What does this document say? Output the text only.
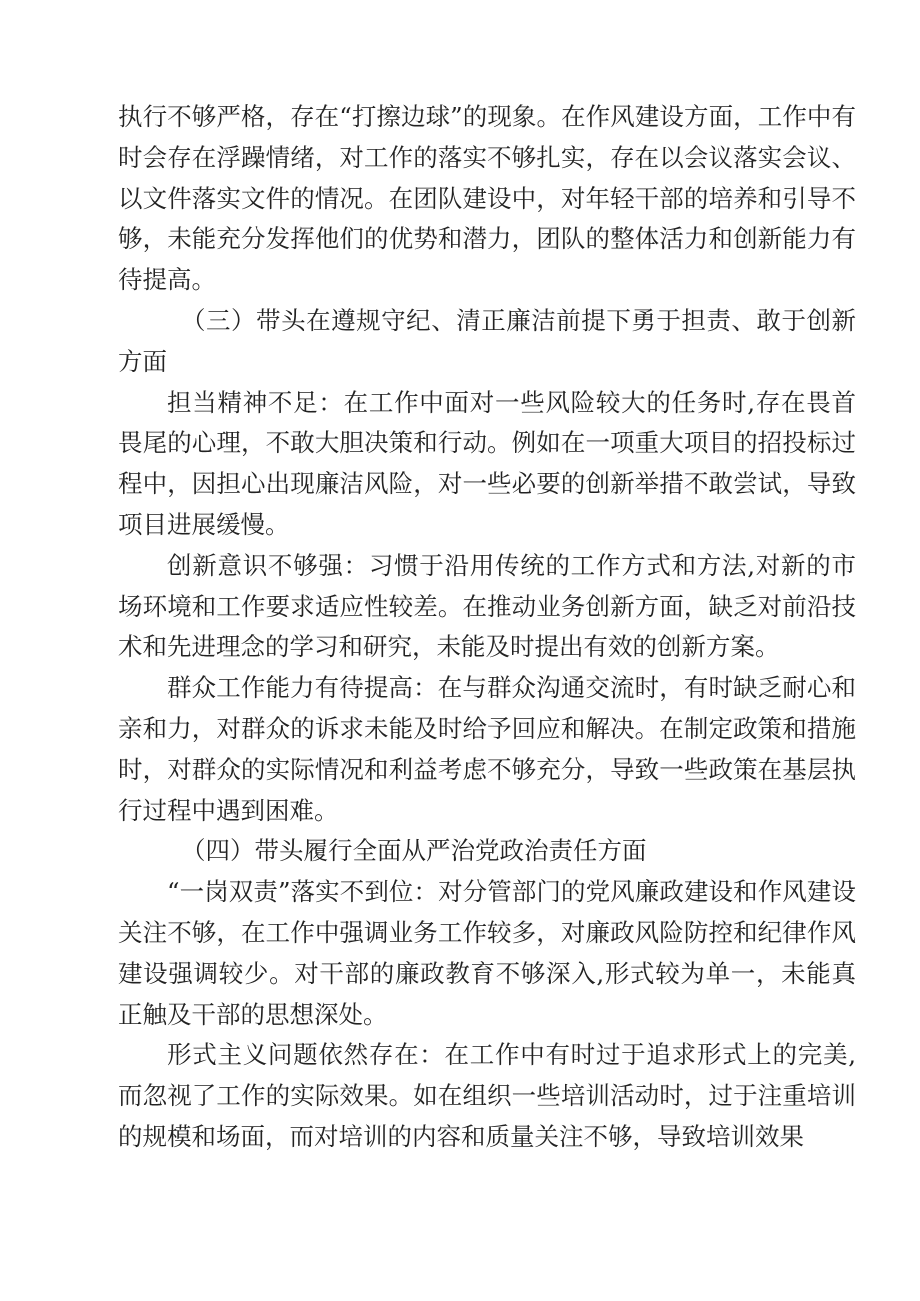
执行不够严格，存在“打擦边球”的现象。在作风建设方面，工作中有时会存在浮躁情绪，对工作的落实不够扎实，存在以会议落实会议、以文件落实文件的情况。在团队建设中，对年轻干部的培养和引导不够，未能充分发挥他们的优势和潜力，团队的整体活力和创新能力有待提高。

（三）带头在遵规守纪、清正廉洁前提下勇于担责、敢于创新方面

担当精神不足：在工作中面对一些风险较大的任务时,存在畏首畏尾的心理，不敢大胆决策和行动。例如在一项重大项目的招投标过程中，因担心出现廉洁风险，对一些必要的创新举措不敢尝试，导致项目进展缓慢。

创新意识不够强：习惯于沿用传统的工作方式和方法,对新的市场环境和工作要求适应性较差。在推动业务创新方面，缺乏对前沿技术和先进理念的学习和研究，未能及时提出有效的创新方案。

群众工作能力有待提高：在与群众沟通交流时，有时缺乏耐心和亲和力，对群众的诉求未能及时给予回应和解决。在制定政策和措施时，对群众的实际情况和利益考虑不够充分，导致一些政策在基层执行过程中遇到困难。

（四）带头履行全面从严治党政治责任方面

“一岗双责”落实不到位：对分管部门的党风廉政建设和作风建设关注不够，在工作中强调业务工作较多，对廉政风险防控和纪律作风建设强调较少。对干部的廉政教育不够深入,形式较为单一，未能真正触及干部的思想深处。

形式主义问题依然存在：在工作中有时过于追求形式上的完美,而忽视了工作的实际效果。如在组织一些培训活动时，过于注重培训的规模和场面，而对培训的内容和质量关注不够，导致培训效果
